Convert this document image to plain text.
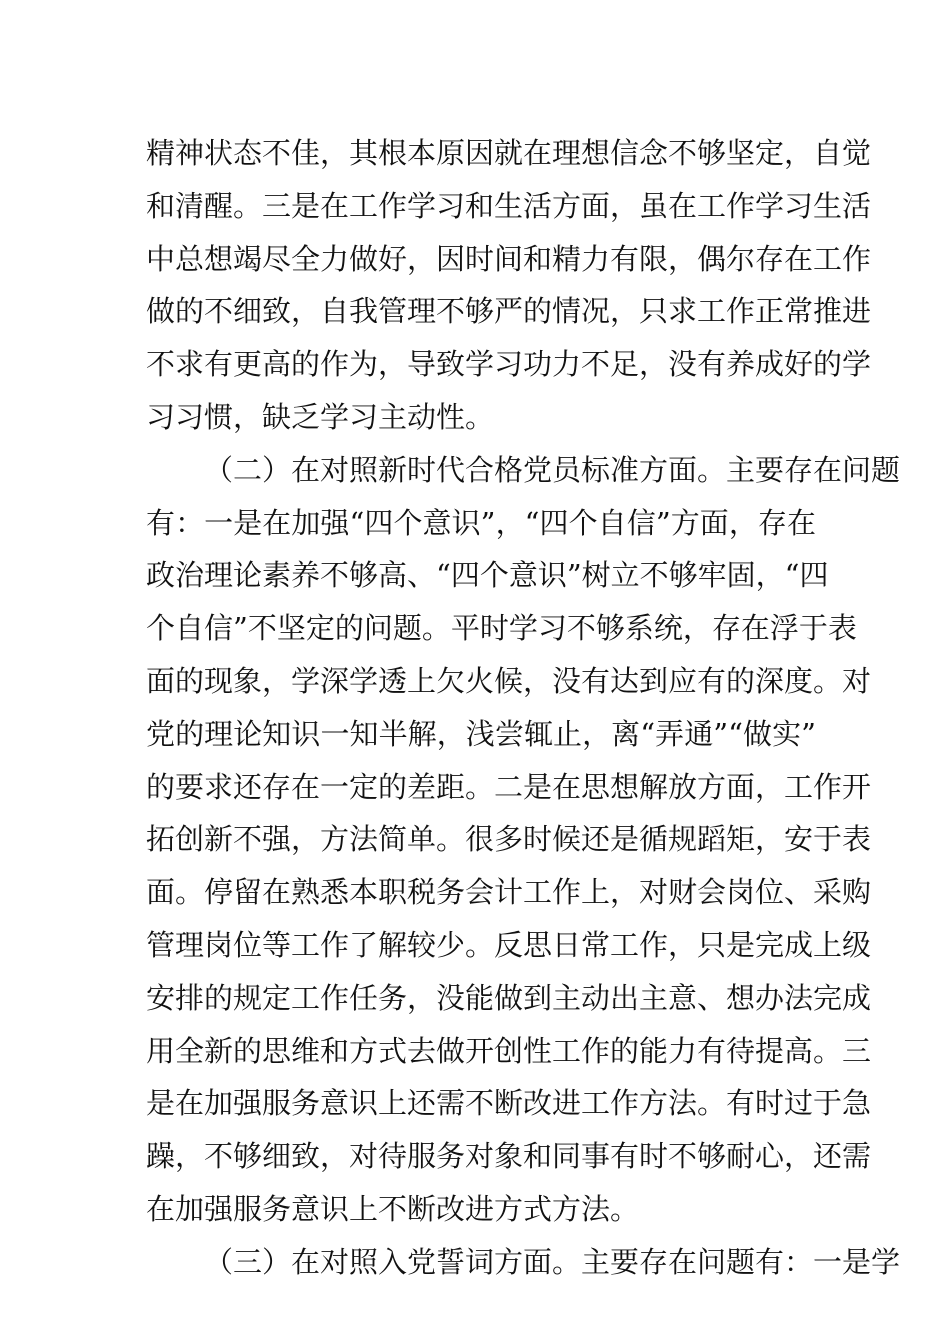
精神状态不佳，其根本原因就在理想信念不够坚定，自觉
和清醒。三是在工作学习和生活方面，虽在工作学习生活
中总想竭尽全力做好，因时间和精力有限，偶尔存在工作
做的不细致，自我管理不够严的情况，只求工作正常推进
不求有更高的作为，导致学习功力不足，没有养成好的学
习习惯，缺乏学习主动性。
（二）在对照新时代合格党员标准方面。主要存在问题
有：一是在加强“四个意识”，“四个自信”方面，存在
政治理论素养不够高、“四个意识”树立不够牢固，“四
个自信”不坚定的问题。平时学习不够系统，存在浮于表
面的现象，学深学透上欠火候，没有达到应有的深度。对
党的理论知识一知半解，浅尝辄止，离“弄通”“做实”
的要求还存在一定的差距。二是在思想解放方面，工作开
拓创新不强，方法简单。很多时候还是循规蹈矩，安于表
面。停留在熟悉本职税务会计工作上，对财会岗位、采购
管理岗位等工作了解较少。反思日常工作，只是完成上级
安排的规定工作任务，没能做到主动出主意、想办法完成
用全新的思维和方式去做开创性工作的能力有待提高。三
是在加强服务意识上还需不断改进工作方法。有时过于急
躁，不够细致，对待服务对象和同事有时不够耐心，还需
在加强服务意识上不断改进方式方法。
（三）在对照入党誓词方面。主要存在问题有：一是学
